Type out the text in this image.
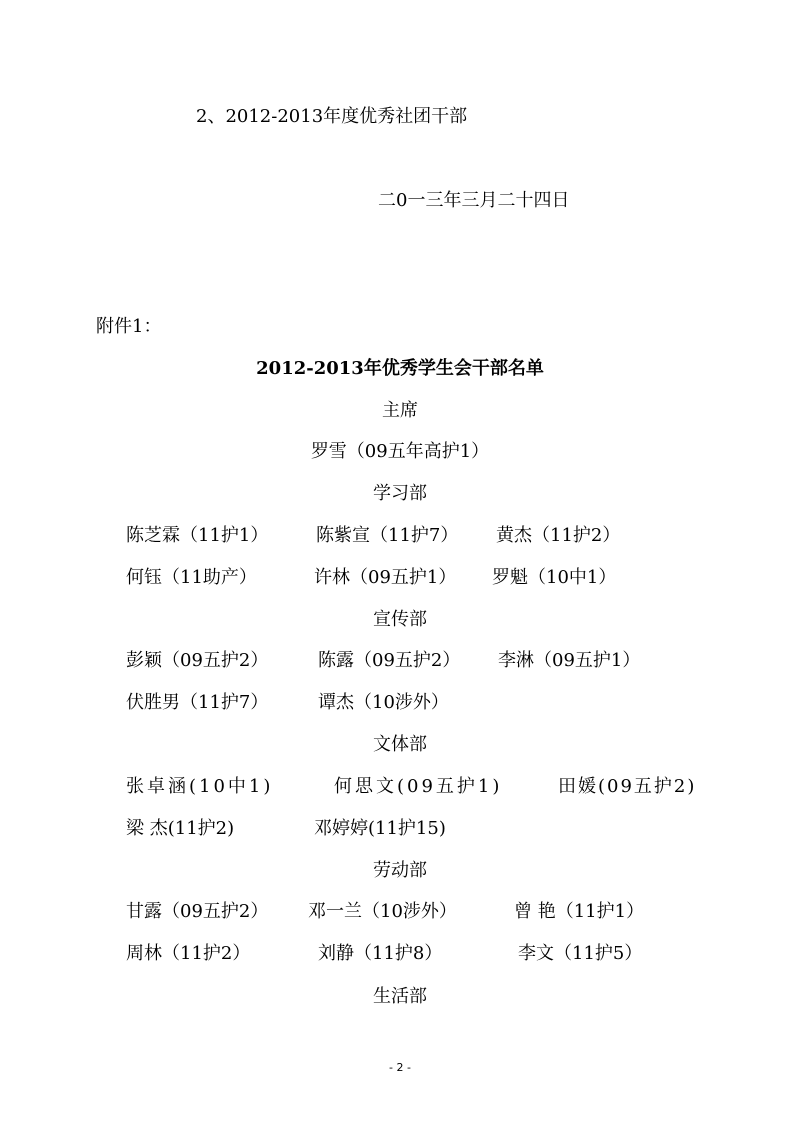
2、2012-2013年度优秀社团干部
二0一三年三月二十四日
附件1：
2012-2013年优秀学生会干部名单
主席
罗雪（09五年高护1）
学习部
陈芝霖（11护1）	陈紫宣（11护7） 黄杰（11护2）
何钰（11助产）	许林（09五护1） 罗魁（10中1）
宣传部
彭颖（09五护2）	陈露（09五护2） 李淋（09五护1）
伏胜男（11护7）	谭杰（10涉外）
文体部
张卓涵(10中1)	何思文(09五护1)	田媛(09五护2)
梁 杰(11护2)	邓婷婷(11护15)
劳动部
甘露（09五护2） 邓一兰（10涉外）	曾 艳（11护1）
周林（11护2）	刘静（11护8）	李文（11护5）
生活部
- 2 -
